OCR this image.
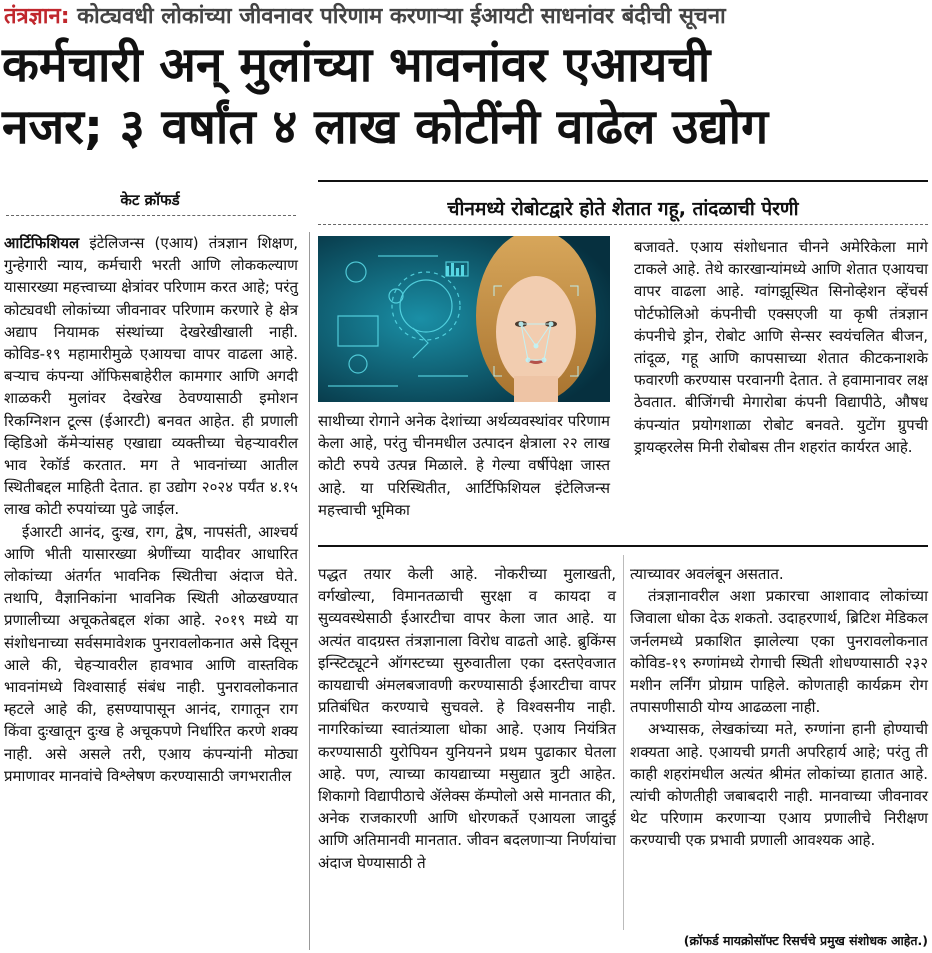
तंत्रज्ञान: कोट्यवधी लोकांच्या जीवनावर परिणाम करणाऱ्या ईआयटी साधनांवर बंदीची सूचना
कर्मचारी अन् मुलांच्या भावनांवर एआयची
नजर; ३ वर्षांत ४ लाख कोटींनी वाढेल उद्योग
केट क्रॉफर्ड	चीनमध्ये रोबोटद्वारे होते शेतात गहू, तांदळाची पेरणी

आर्टिफिशियल इंटेलिजन्स (एआय) तंत्रज्ञान शिक्षण, गुन्हेगारी न्याय, कर्मचारी भरती आणि लोककल्याण यासारख्या महत्त्वाच्या क्षेत्रांवर परिणाम करत आहे; परंतु कोट्यवधी लोकांच्या जीवनावर परिणाम करणारे हे क्षेत्र अद्याप नियामक संस्थांच्या देखरेखीखाली नाही. कोविड-१९ महामारीमुळे एआयचा वापर वाढला आहे. बऱ्याच कंपन्या ऑफिसबाहेरील कामगार आणि अगदी शाळकरी मुलांवर देखरेख ठेवण्यासाठी इमोशन रिकग्निशन टूल्स (ईआरटी) बनवत आहेत. ही प्रणाली व्हिडिओ कॅमेऱ्यांसह एखाद्या व्यक्तीच्या चेहऱ्यावरील भाव रेकॉर्ड करतात. मग ते भावनांच्या आतील स्थितीबद्दल माहिती देतात. हा उद्योग २०२४ पर्यंत ४.१५ लाख कोटी रुपयांच्या पुढे जाईल.

ईआरटी आनंद, दुःख, राग, द्वेष, नापसंती, आश्चर्य आणि भीती यासारख्या श्रेणींच्या यादीवर आधारित लोकांच्या अंतर्गत भावनिक स्थितीचा अंदाज घेते. तथापि, वैज्ञानिकांना भावनिक स्थिती ओळखण्यात प्रणालीच्या अचूकतेबद्दल शंका आहे. २०१९ मध्ये या संशोधनाच्या सर्वसमावेशक पुनरावलोकनात असे दिसून आले की, चेहऱ्यावरील हावभाव आणि वास्तविक भावनांमध्ये विश्वासार्ह संबंध नाही. पुनरावलोकनात म्हटले आहे की, हसण्यापासून आनंद, रागातून राग किंवा दुःखातून दुःख हे अचूकपणे निर्धारित करणे शक्य नाही. असे असले तरी, एआय कंपन्यांनी मोठ्या प्रमाणावर मानवांचे विश्लेषण करण्यासाठी जगभरातील

साथीच्या रोगाने अनेक देशांच्या अर्थव्यवस्थांवर परिणाम केला आहे, परंतु चीनमधील उत्पादन क्षेत्राला २२ लाख कोटी रुपये उत्पन्न मिळाले. हे गेल्या वर्षीपेक्षा जास्त आहे. या परिस्थितीत, आर्टिफिशियल इंटेलिजन्स महत्त्वाची भूमिका

बजावते. एआय संशोधनात चीनने अमेरिकेला मागे टाकले आहे. तेथे कारखान्यांमध्ये आणि शेतात एआयचा वापर वाढला आहे. ग्वांगझूस्थित सिनोव्हेशन व्हेंचर्स पोर्टफोलिओ कंपनीची एक्सएजी या कृषी तंत्रज्ञान कंपनीचे ड्रोन, रोबोट आणि सेन्सर स्वयंचलित बीजन, तांदूळ, गहू आणि कापसाच्या शेतात कीटकनाशके फवारणी करण्यास परवानगी देतात. ते हवामानावर लक्ष ठेवतात. बीजिंगची मेगारोबा कंपनी विद्यापीठे, औषध कंपन्यांत प्रयोगशाळा रोबोट बनवते. युटोंग ग्रुपची ड्रायव्हरलेस मिनी रोबोबस तीन शहरांत कार्यरत आहे.

पद्धत तयार केली आहे. नोकरीच्या मुलाखती, वर्गखोल्या, विमानतळाची सुरक्षा व कायदा व सुव्यवस्थेसाठी ईआरटीचा वापर केला जात आहे. या अत्यंत वादग्रस्त तंत्रज्ञानाला विरोध वाढतो आहे. ब्रुकिंग्स इन्स्टिट्यूटने ऑगस्टच्या सुरुवातीला एका दस्तऐवजात कायद्याची अंमलबजावणी करण्यासाठी ईआरटीचा वापर प्रतिबंधित करण्याचे सुचवले. हे विश्वसनीय नाही. नागरिकांच्या स्वातंत्र्याला धोका आहे. एआय नियंत्रित करण्यासाठी युरोपियन युनियनने प्रथम पुढाकार घेतला आहे. पण, त्याच्या कायद्याच्या मसुद्यात त्रुटी आहेत. शिकागो विद्यापीठाचे ॲलेक्स कॅम्पोलो असे मानतात की, अनेक राजकारणी आणि धोरणकर्ते एआयला जादुई आणि अतिमानवी मानतात. जीवन बदलणाऱ्या निर्णयांचा अंदाज घेण्यासाठी ते

त्याच्यावर अवलंबून असतात.

तंत्रज्ञानावरील अशा प्रकारचा आशावाद लोकांच्या जिवाला धोका देऊ शकतो. उदाहरणार्थ, ब्रिटिश मेडिकल जर्नलमध्ये प्रकाशित झालेल्या एका पुनरावलोकनात कोविड-१९ रुग्णांमध्ये रोगाची स्थिती शोधण्यासाठी २३२ मशीन लर्निंग प्रोग्राम पाहिले. कोणताही कार्यक्रम रोग तपासणीसाठी योग्य आढळला नाही.

अभ्यासक, लेखकांच्या मते, रुग्णांना हानी होण्याची शक्यता आहे. एआयची प्रगती अपरिहार्य आहे; परंतु ती काही शहरांमधील अत्यंत श्रीमंत लोकांच्या हातात आहे. त्यांची कोणतीही जबाबदारी नाही. मानवाच्या जीवनावर थेट परिणाम करणाऱ्या एआय प्रणालीचे निरीक्षण करण्याची एक प्रभावी प्रणाली आवश्यक आहे.

(क्रॉफर्ड मायक्रोसॉफ्ट रिसर्चचे प्रमुख संशोधक आहेत.)
